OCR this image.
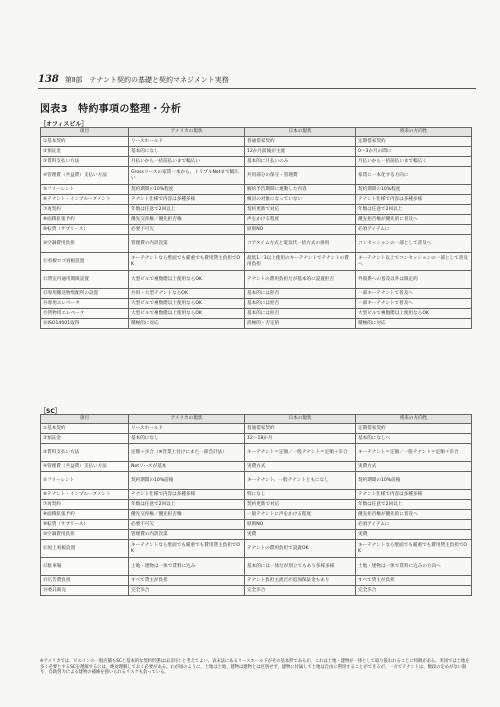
138 第Ⅱ部　 テナント契約の基礎と契約マネジメント実務
図表3　特約事項の整理・分析
［オフィスビル］
項目	アメリカの現状	日本の現状	将来の方向性
①基本契約	リースホールド	普通借家契約	定期借家契約
②預託金	基本的になし	12か月前後が主流	0〜3か月の間に
③賃料支払い方法	月払いから一括前払いまで幅広い	基本的に月払いのみ	月払いから一括前払いまで幅広く
④管理費（共益費）支払い方法	Grossリースの家賃一本から、トリプルNetまで幅広い	共用部分の保守・管理費	家賃に一本化する方向に
⑤フリーレント	契約期間の10%程度	解約予告期間に連動した内容	契約期間の10%程度
⑥テナント・インプルーブメント	テナント仕様で内容は多種多様	検討の対象になっていない	テナント仕様で内容は多種多様
⑦再契約	年数は任意で2回以上	契約更新で対応	年数は任意で2回以上
⑧面積拡張予約	優先交渉権／優先拒否権	声をかける程度	優先拒否権が優先的に普及へ
⑨転貸（サブリース）	必要不可欠	原則NO	必須アイテムに
⑩空調費用負担	管理費の内訳次第	コアタイム方式と電気代一括方式の併用	コンセッションの一部として普及へ
⑪看板ロゴ看板設置	キーテナントなら壁面でも厳重でも費用貸主負担でOK	最低1／3以上使用のキーテナントでテナントの費用負担	キーテナント以上でコンセッションの一部として普及へ
⑫貸室内通用期限設置	大型ビルで複数階以上使用ならOK	テナントの費用負担だが基本的に設置拒否	外資系への普及以外は限定的
⑬専用搬送物集配所の設置	共用・大型テナントならOK	基本的には拒否	一部キーテナントで普及へ
⑭専用エレベータ	大型ビルで複数階以上使用ならOK	基本的には拒否	一部キーテナントで普及へ
⑮貨物用エレベータ	大型ビルで複数階以上使用ならOK	基本的には拒否	大型ビルで複数階以上使用ならOK
⑯ISO14001取得	積極的に対応	消極的・否定的	積極的に対応
［SC］
項目	アメリカの現状	日本の現状	将来の方向性
①基本契約	リースホールド	普通借家契約	定期借家契約
②預託金	基本的になし	12〜18か月	基本的になしへ
③賃料支払い方法	定額＋歩合（※営業上付けにまた一部会計法）	キーテナント＝定額／一般テナント＝定額＋歩合	キーテナント＝定額／一般テナント＝定額＋歩合
④管理費（共益費）支払い方法	Netリースが基本	実費方式	実費方式
⑤フリーレント	契約期間の10%前後	キーテナント、一般テナントともになし	契約期間の10%前後
⑥テナント・インプルーブメント	テナント仕様で内容は多種多様	特になし	テナント仕様で内容は多種多様
⑦再契約	年数は任意で2回以上	契約更新で対応	年数は任意で2回以上
⑧面積拡張予約	優先交渉権／優先拒否権	一般テナントに声をかける程度	優先拒否権が優先的に普及へ
⑨転貸（サブリース）	必要不可欠	原則NO	必須アイテムに
⑩空調費用負担	管理費の内訳次第	実費	実費
⑪屋上看板設置	キーテナントなら壁面でも厳重でも費用貸主負担でOK	テナントの費用負担で設置OK	キーテナントなら壁面でも厳重でも費用貸主負担でOK
⑫駐車場	土地・建物は一体で賃料に込み	基本的には一体だが別立てもあり多様多様	土地・建物は一体で賃料に込みの方向へ
⑬広告費負担	すべて貸主が負担	テナント負担主流だが追加保証金もあり	すべて貸主が負担
⑭委託販売	完全歩合	完全歩合	完全歩合
※アメリカでは、ビルインの一般店舗もSCと基本的な契約形態はほぼ同じと考えてよい。表末法にあるリースホールドがその基本形であるが、これは土地・建物が一体として取り扱われることに特徴がある。米国では土地を多く必要とするSCを理解するには、絶対理解しておく必要がある。わが国のように、土地は土地、建物は建物とは区別せず、建物に付属して土地は自由に利用することができるが、一方でテナントは、数段の定めがない限り、自助努力による建物の補修を強いられるリスクも負っている。
